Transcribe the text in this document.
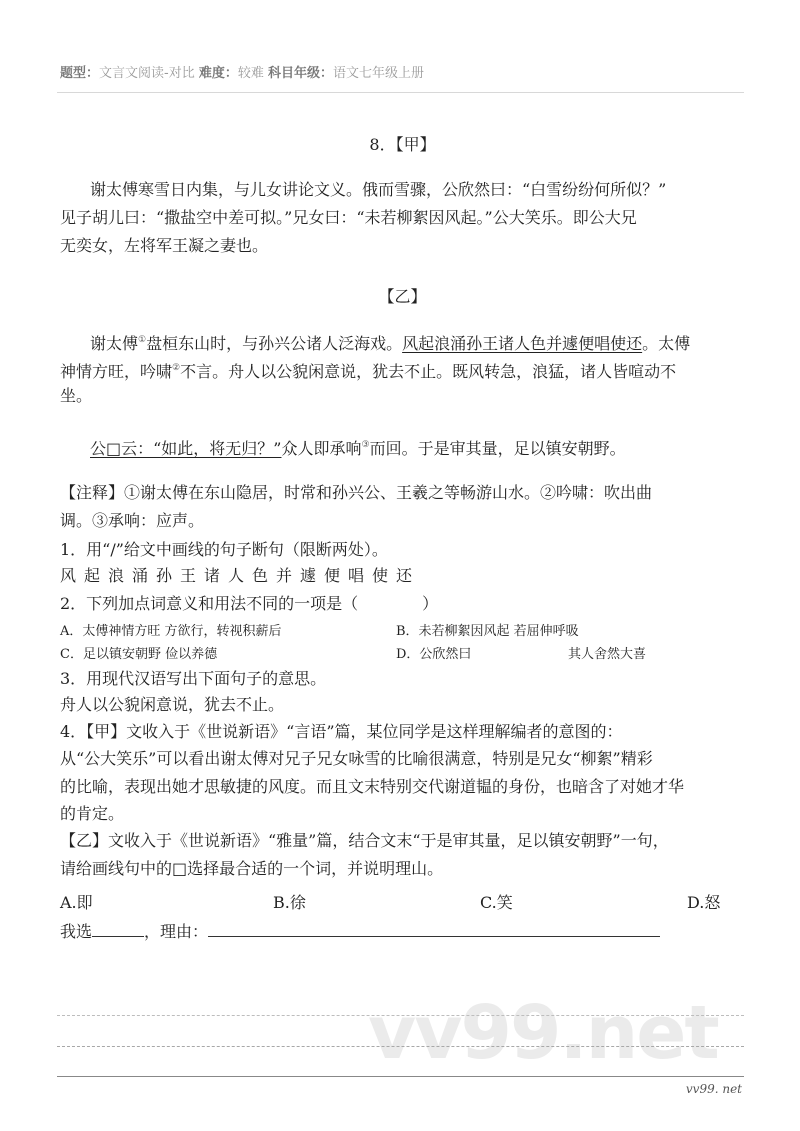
题型：文言文阅读-对比 难度：较难 科目年级：语文七年级上册
vv99.net
8．【甲】
谢太傅寒雪日内集，与儿女讲论文义。俄而雪骤，公欣然曰：“白雪纷纷何所似？”
见子胡儿曰：“撒盐空中差可拟。”兄女曰：“未若柳絮因风起。”公大笑乐。即公大兄
无奕女，左将军王凝之妻也。
【乙】
谢太傅①盘桓东山时，与孙兴公诸人泛海戏。风起浪涌孙王诸人色并遽便唱使还。太傅
神情方旺，吟啸②不言。舟人以公貌闲意说，犹去不止。既风转急，浪猛，诸人皆喧动不
坐。
公□云：“如此，将无归？”众人即承响③而回。于是审其量，足以镇安朝野。
【注释】①谢太傅在东山隐居，时常和孙兴公、王羲之等畅游山水。②吟啸：吹出曲
调。③承响：应声。
1．用“/”给文中画线的句子断句（限断两处）。
风起浪涌孙王诸人色并遽便唱使还
2．下列加点词意义和用法不同的一项是（　　　　）
A．太傅神情方旺 方欲行，转视积薪后	B．未若柳絮因风起 若屈伸呼吸
C．足以镇安朝野 俭以养德	D．公欣然曰	其人舍然大喜
3．用现代汉语写出下面句子的意思。
舟人以公貌闲意说，犹去不止。
4．【甲】文收入于《世说新语》“言语”篇，某位同学是这样理解编者的意图的：
从“公大笑乐”可以看出谢太傅对兄子兄女咏雪的比喻很满意，特别是兄女“柳絮”精彩
的比喻，表现出她才思敏捷的风度。而且文末特别交代谢道韫的身份，也暗含了对她才华
的肯定。
【乙】文收入于《世说新语》“雅量”篇，结合文末“于是审其量，足以镇安朝野”一句，
请给画线句中的□选择最合适的一个词，并说明理山。
A.即	B.徐	C.笑	D.怒
我选	，理由：
vv99. net
